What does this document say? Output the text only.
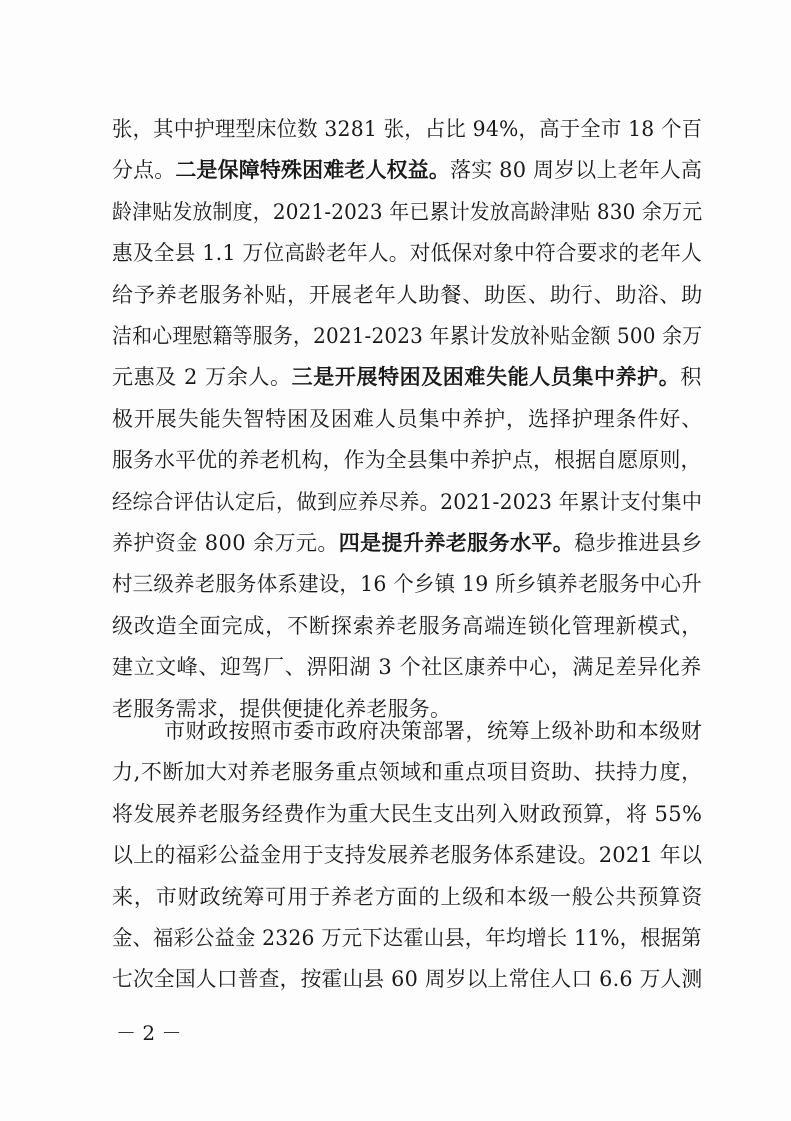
张，其中护理型床位数 3281 张，占比 94%，高于全市 18 个百
分点。二是保障特殊困难老人权益。落实 80 周岁以上老年人高
龄津贴发放制度，2021-2023 年已累计发放高龄津贴 830 余万元
惠及全县 1.1 万位高龄老年人。对低保对象中符合要求的老年人
给予养老服务补贴，开展老年人助餐、助医、助行、助浴、助
洁和心理慰籍等服务，2021-2023 年累计发放补贴金额 500 余万
元惠及 2 万余人。三是开展特困及困难失能人员集中养护。积
极开展失能失智特困及困难人员集中养护，选择护理条件好、
服务水平优的养老机构，作为全县集中养护点，根据自愿原则，
经综合评估认定后，做到应养尽养。2021-2023 年累计支付集中
养护资金 800 余万元。四是提升养老服务水平。稳步推进县乡
村三级养老服务体系建设，16 个乡镇 19 所乡镇养老服务中心升
级改造全面完成，不断探索养老服务高端连锁化管理新模式，
建立文峰、迎驾厂、淠阳湖 3 个社区康养中心，满足差异化养
老服务需求，提供便捷化养老服务。
市财政按照市委市政府决策部署，统筹上级补助和本级财
力,不断加大对养老服务重点领域和重点项目资助、扶持力度，
将发展养老服务经费作为重大民生支出列入财政预算，将 55%
以上的福彩公益金用于支持发展养老服务体系建设。2021 年以
来，市财政统筹可用于养老方面的上级和本级一般公共预算资
金、福彩公益金 2326 万元下达霍山县，年均增长 11%，根据第
七次全国人口普查，按霍山县 60 周岁以上常住人口 6.6 万人测
－ 2 －
